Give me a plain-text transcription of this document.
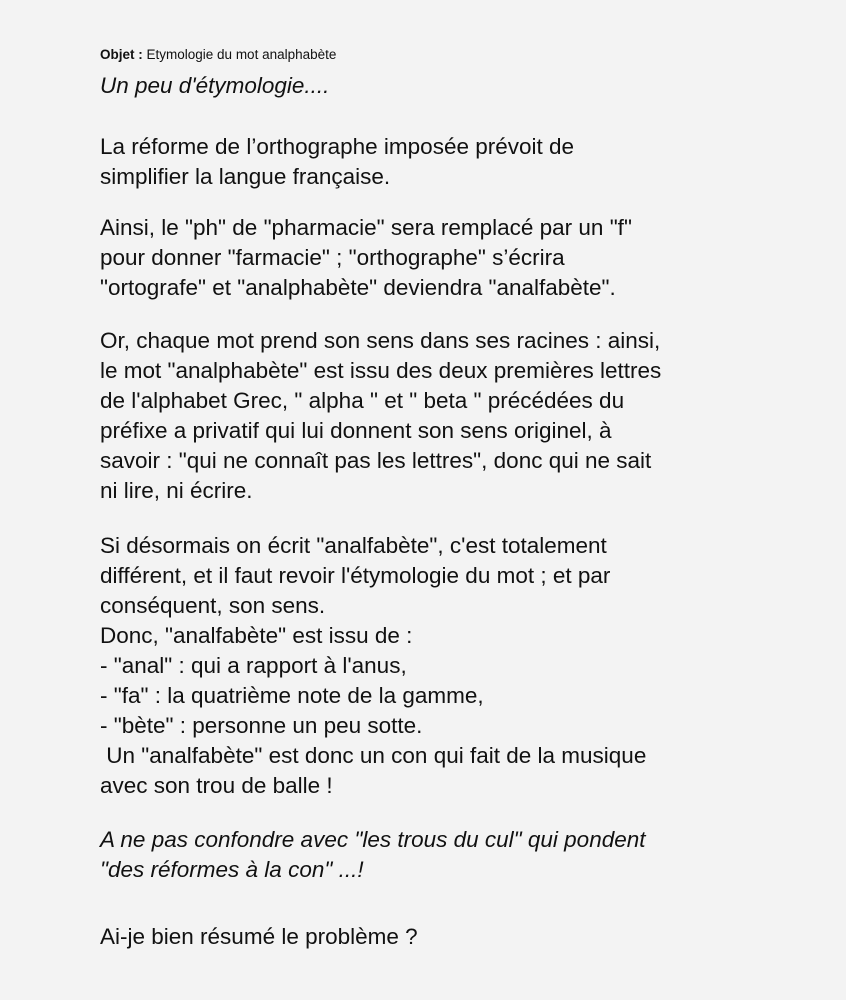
Objet : Etymologie du mot analphabète
Un peu d'étymologie....
La réforme de l’orthographe imposée prévoit de
simplifier la langue française.
Ainsi, le "ph" de "pharmacie" sera remplacé par un "f"
pour donner "farmacie" ; "orthographe" s’écrira
"ortografe" et "analphabète" deviendra "analfabète".
Or, chaque mot prend son sens dans ses racines : ainsi,
le mot "analphabète" est issu des deux premières lettres
de l'alphabet Grec, " alpha " et " beta " précédées du
préfixe a privatif qui lui donnent son sens originel, à
savoir : "qui ne connaît pas les lettres", donc qui ne sait
ni lire, ni écrire.
Si désormais on écrit "analfabète", c'est totalement
différent, et il faut revoir l'étymologie du mot ; et par
conséquent, son sens.
Donc, "analfabète" est issu de :
- "anal" : qui a rapport à l'anus,
- "fa" : la quatrième note de la gamme,
- "bète" : personne un peu sotte.
Un "analfabète" est donc un con qui fait de la musique
avec son trou de balle !
A ne pas confondre avec "les trous du cul" qui pondent
"des réformes à la con" ...!
Ai-je bien résumé le problème ?
